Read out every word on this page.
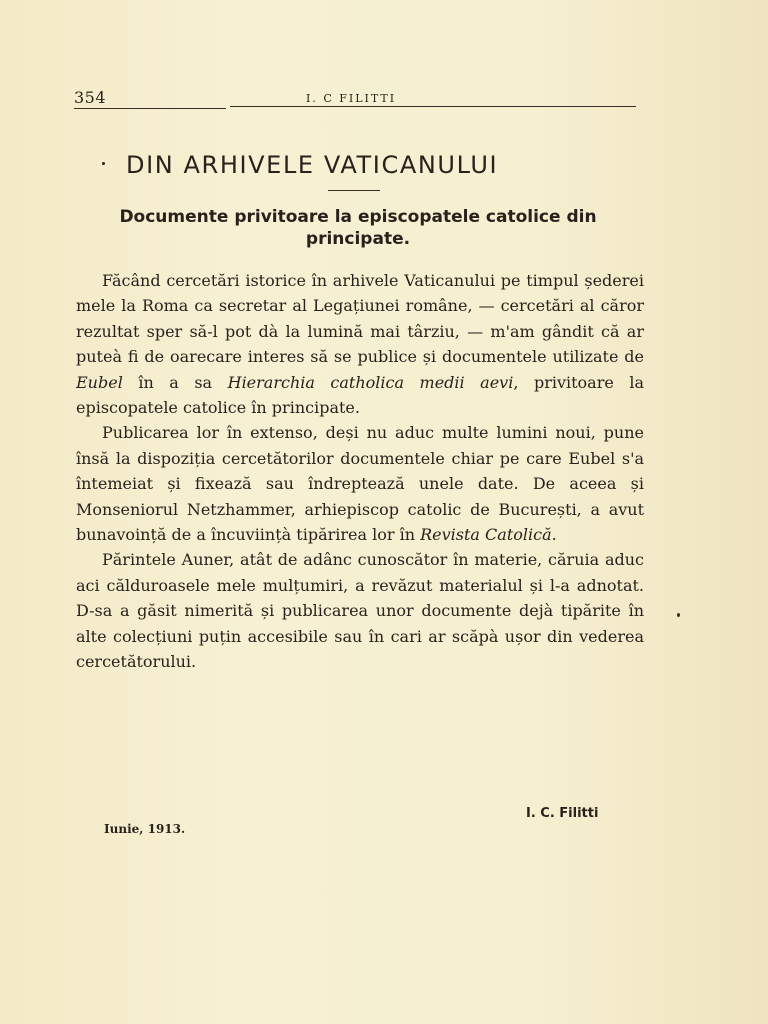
354	I. C FILITTI
DIN ARHIVELE VATICANULUI
Documente privitoare la episcopatele catolice din principate.

Făcând cercetări istorice în arhivele Vaticanului pe timpul șederei mele la Roma ca secretar al Legațiunei române, — cercetări al căror rezultat sper să-l pot dà la lumină mai târziu, — m'am gândit că ar puteà fi de oarecare interes să se publice și documentele utilizate de Eubel în a sa Hierarchia catholica medii aevi, privitoare la episcopatele catolice în principate.

Publicarea lor în extenso, deși nu aduc multe lumini noui, pune însă la dispoziția cercetătorilor documentele chiar pe care Eubel s'a întemeiat și fixează sau îndreptează unele date. De aceea și Monseniorul Netzhammer, arhiepiscop catolic de București, a avut bunavoință de a încuviințà tipărirea lor în Revista Catolică.

Părintele Auner, atât de adânc cunoscător în materie, căruia aduc aci călduroasele mele mulțumiri, a revăzut materialul și l-a adnotat. D-sa a găsit nimerită și publicarea unor documente dejà tipărite în alte colecțiuni puțin accesibile sau în cari ar scăpà ușor din vederea cercetătorului.

I. C. Filitti
Iunie, 1913.
